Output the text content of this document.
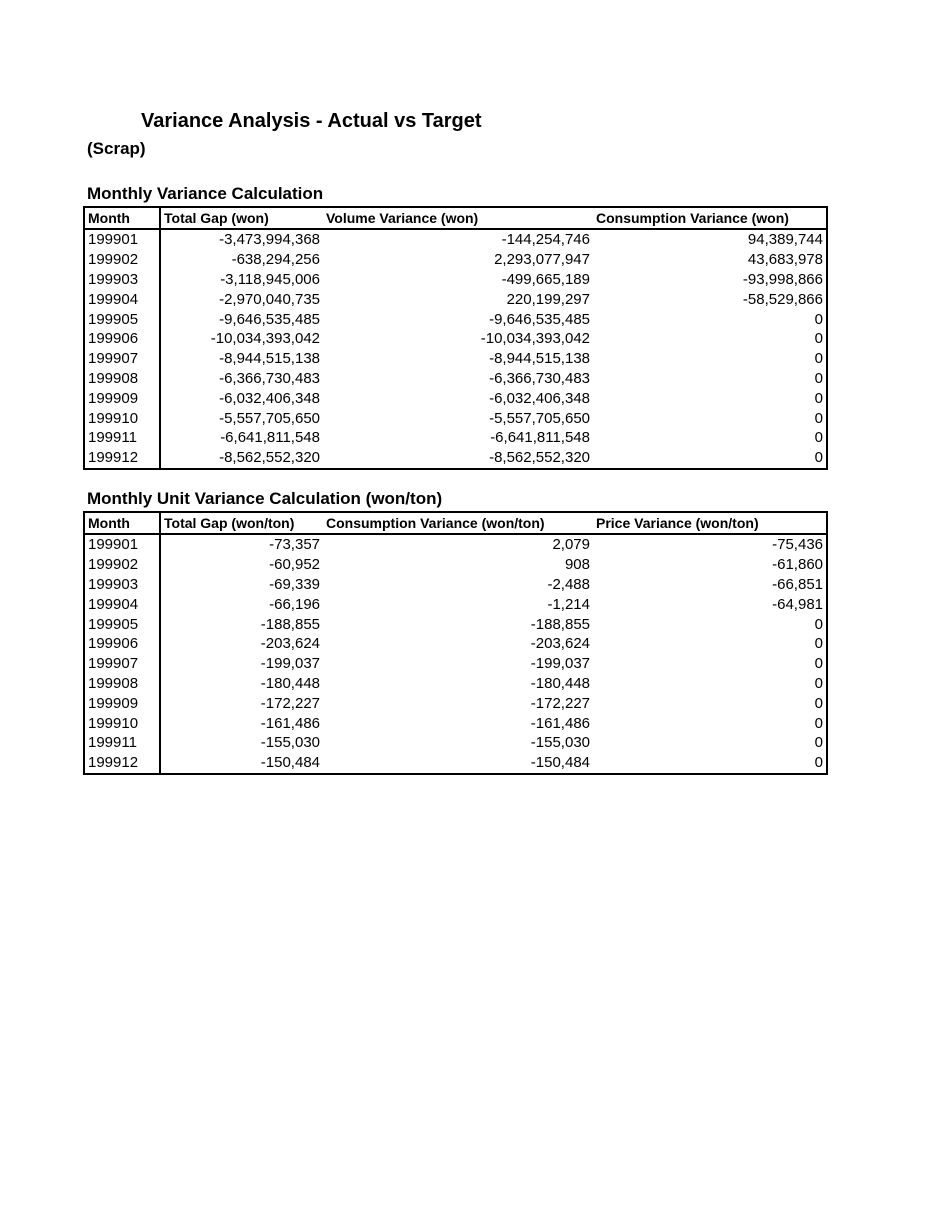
Variance Analysis - Actual vs Target
(Scrap)
Monthly Variance Calculation
Month	Total Gap (won)	Volume Variance (won)	Consumption Variance (won)
199901	-3,473,994,368	-144,254,746	94,389,744
199902	-638,294,256	2,293,077,947	43,683,978
199903	-3,118,945,006	-499,665,189	-93,998,866
199904	-2,970,040,735	220,199,297	-58,529,866
199905	-9,646,535,485	-9,646,535,485	0
199906	-10,034,393,042	-10,034,393,042	0
199907	-8,944,515,138	-8,944,515,138	0
199908	-6,366,730,483	-6,366,730,483	0
199909	-6,032,406,348	-6,032,406,348	0
199910	-5,557,705,650	-5,557,705,650	0
199911	-6,641,811,548	-6,641,811,548	0
199912	-8,562,552,320	-8,562,552,320	0
Monthly Unit Variance Calculation (won/ton)
Month	Total Gap (won/ton)	Consumption Variance (won/ton)	Price Variance (won/ton)
199901	-73,357	2,079	-75,436
199902	-60,952	908	-61,860
199903	-69,339	-2,488	-66,851
199904	-66,196	-1,214	-64,981
199905	-188,855	-188,855	0
199906	-203,624	-203,624	0
199907	-199,037	-199,037	0
199908	-180,448	-180,448	0
199909	-172,227	-172,227	0
199910	-161,486	-161,486	0
199911	-155,030	-155,030	0
199912	-150,484	-150,484	0
